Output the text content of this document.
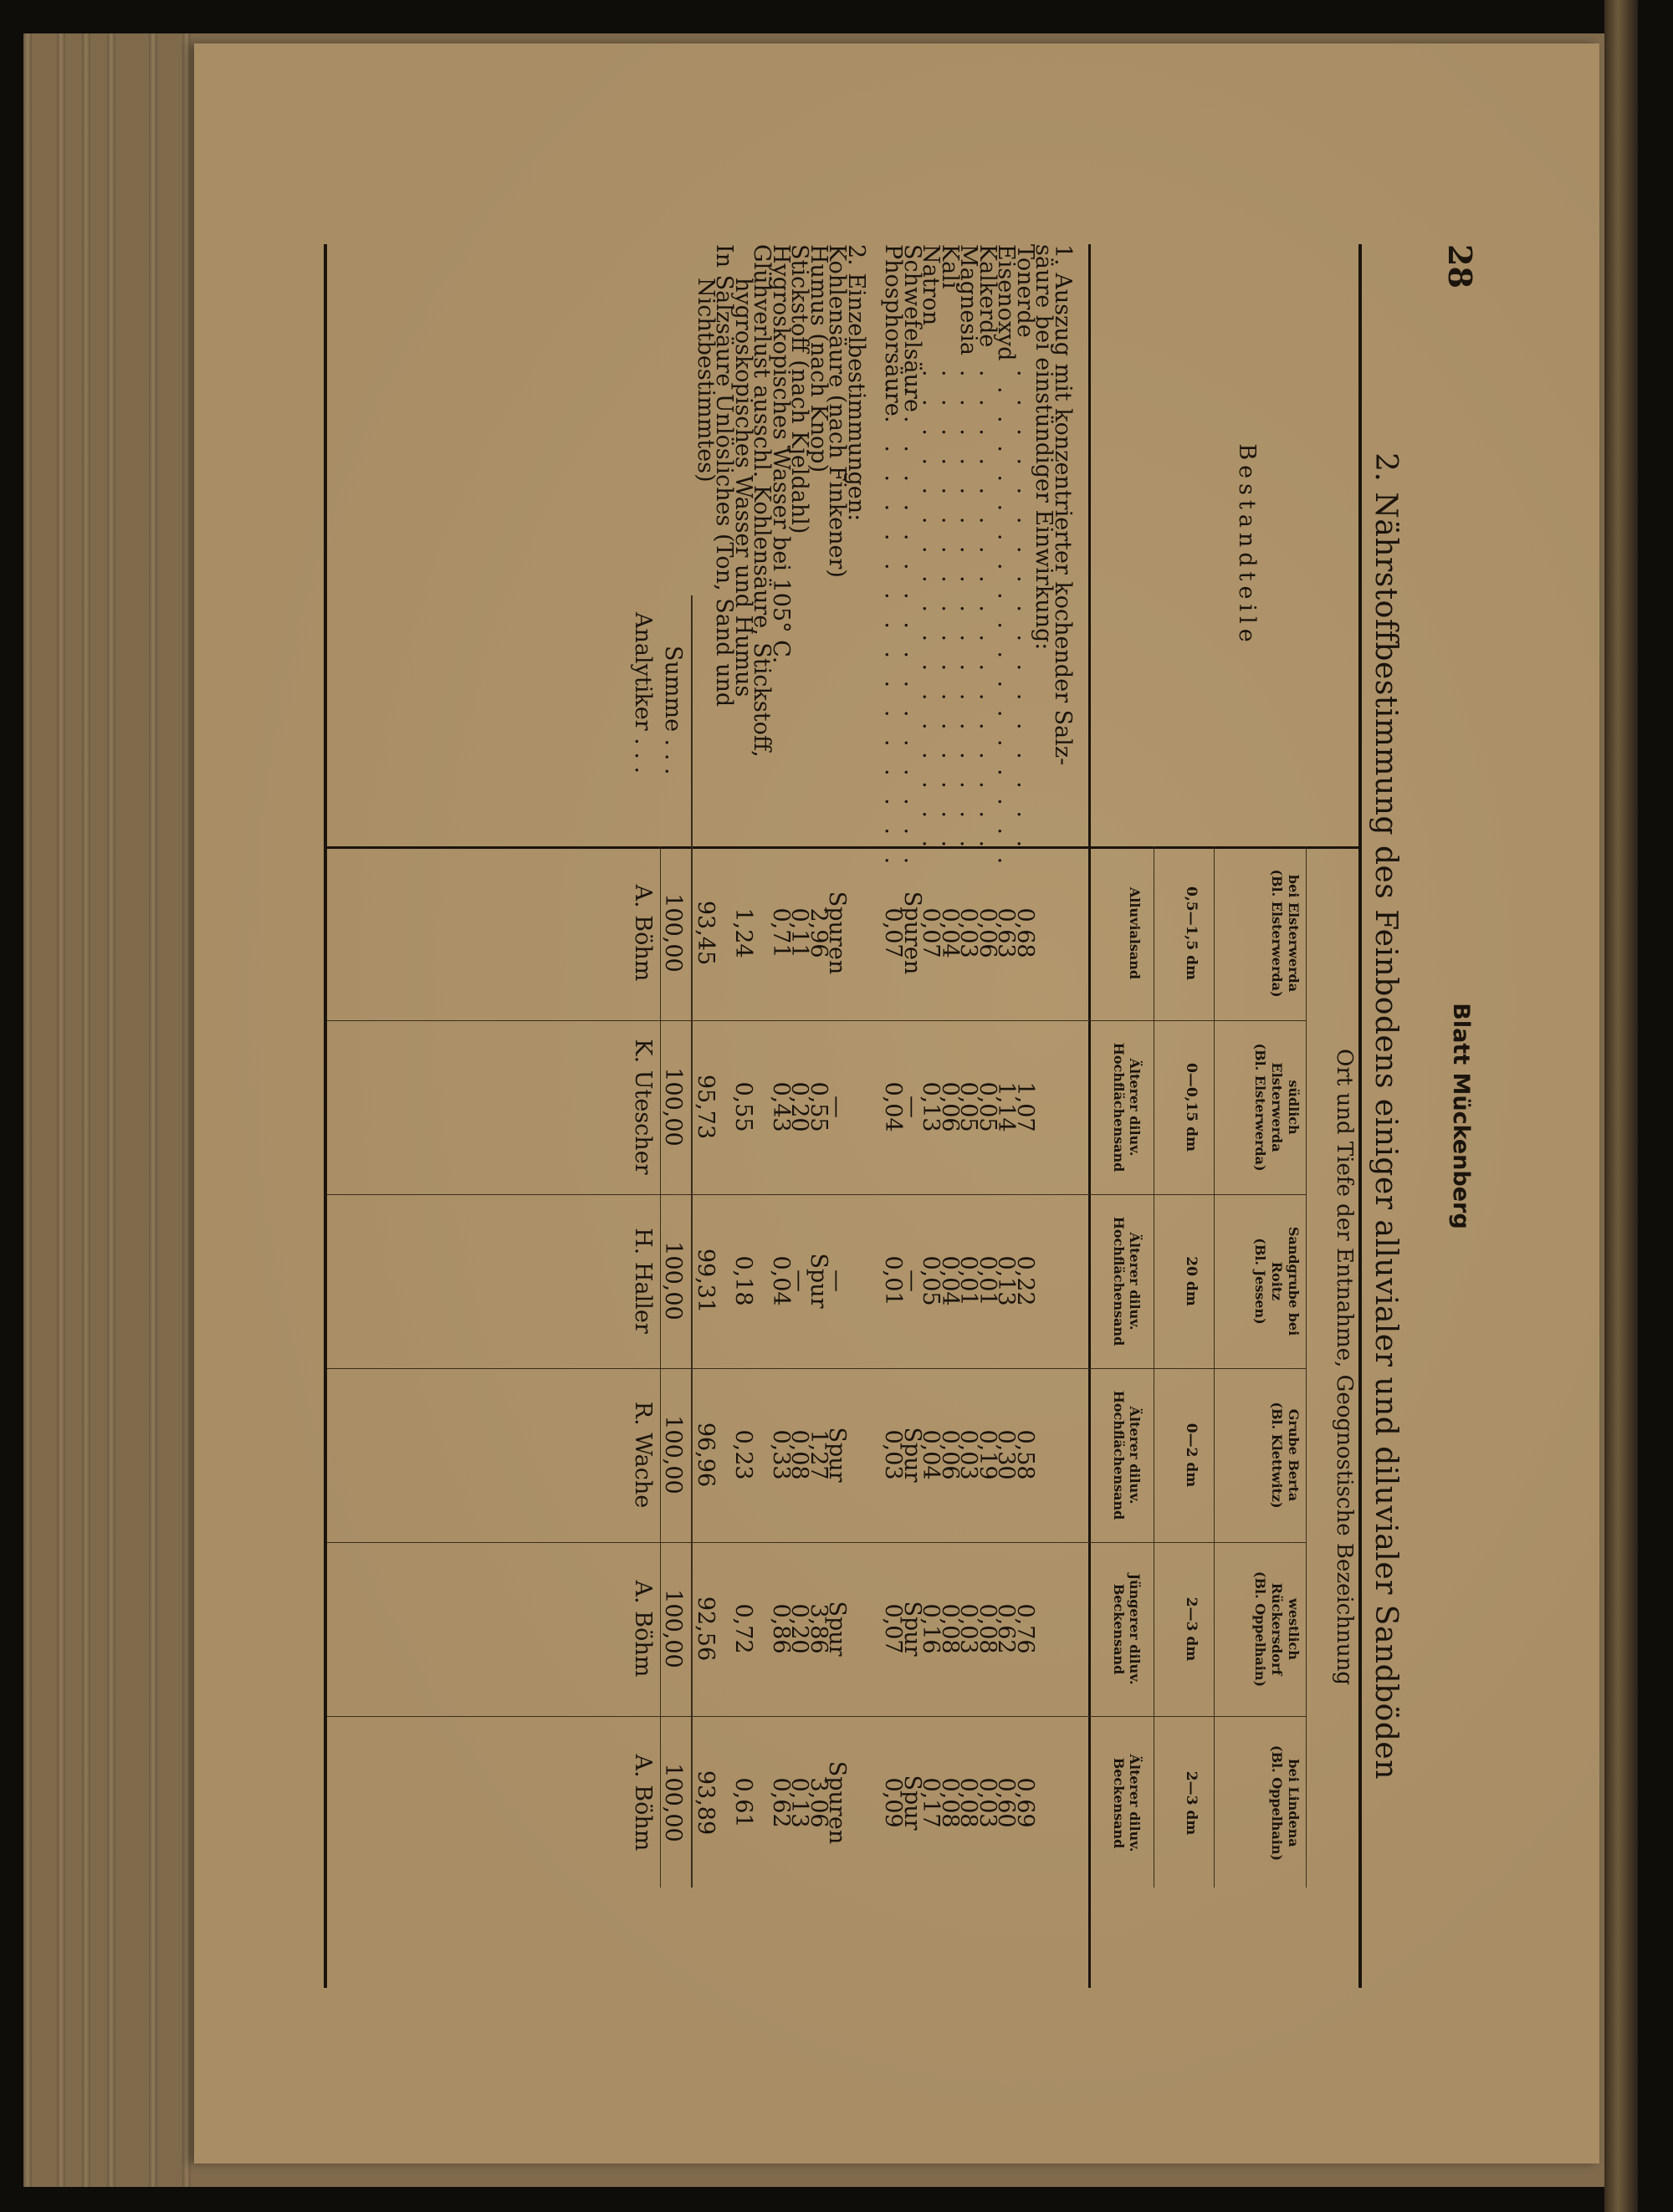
28
Blatt Mückenberg
2. Nährstoffbestimmung des Feinbodens einiger alluvialer und diluvialer Sandböden
Bestandteile
Ort und Tiefe der Entnahme, Geognostische Bezeichnung
bei Elsterwerda
(Bl. Elsterwerda)
0,5—1,5 dm
Alluvialsand
südlich
Elsterwerda
(Bl. Elsterwerda)
0—0,15 dm
Älterer diluv.
Hochflächensand
Sandgrube bei
Roitz
(Bl. Jessen)
20 dm
Älterer diluv.
Hochflächensand
Grube Berta
(Bl. Klettwitz)
0—2 dm
Älterer diluv.
Hochflächensand
westlich
Rückersdorf
(Bl. Oppelhain)
2—3 dm
Jüngerer diluv.
Beckensand
bei Lindena
(Bl. Oppelhain)
2—3 dm
Älterer diluv.
Beckensand
1. Auszug mit konzentrierter kochender Salz-
säure bei einstündiger Einwirkung:
Tonerde
. . . . . . . . . . . . . . . . .
0,68
1,07
0,22
0,58
0,76
0,69
Eisenoxyd
. . . . . . . . . . . . . . . . .
0,63
1,14
0,13
0,30
0,62
0,60
Kalkerde
. . . . . . . . . . . . . . . . .
0,06
0,05
0,01
0,19
0,08
0,03
Magnesia
. . . . . . . . . . . . . . . . .
0,03
0,05
0,01
0,03
0,03
0,08
Kali
. . . . . . . . . . . . . . . . .
0,04
0,06
0,04
0,06
0,08
0,08
Natron
. . . . . . . . . . . . . . . . .
0,07
0,13
0,05
0,04
0,16
0,17
Schwefelsäure
. . . . . . . . . . . . . . . . .
Spuren
—
—
Spur
Spur
Spur
Phosphorsäure
. . . . . . . . . . . . . . . . .
0,07
0,04
0,01
0,03
0,07
0,09
2. Einzelbestimmungen:
Kohlensäure (nach Finkener)
Spuren
—
—
Spur
Spur
Spuren
Humus (nach Knop)
2,96
0,55
Spur
1,27
3,86
3,06
Stickstoff (nach Kjeldahl)
0,11
0,20
—
0,08
0,20
0,13
Hygroskopisches Wasser bei 105° C.
0,71
0,43
0,04
0,33
0,86
0,62
Glühverlust ausschl. Kohlensäure, Stickstoff,
hygroskopisches Wasser und Humus
1,24
0,55
0,18
0,23
0,72
0,61
In Salzsäure Unlösliches (Ton, Sand und
Nichtbestimmtes)
93,45
95,73
99,31
96,96
92,56
93,89
Summe . . .
100,00
100,00
100,00
100,00
100,00
100,00
Analytiker . . .
A. Böhm
K. Utescher
H. Haller
R. Wache
A. Böhm
A. Böhm
